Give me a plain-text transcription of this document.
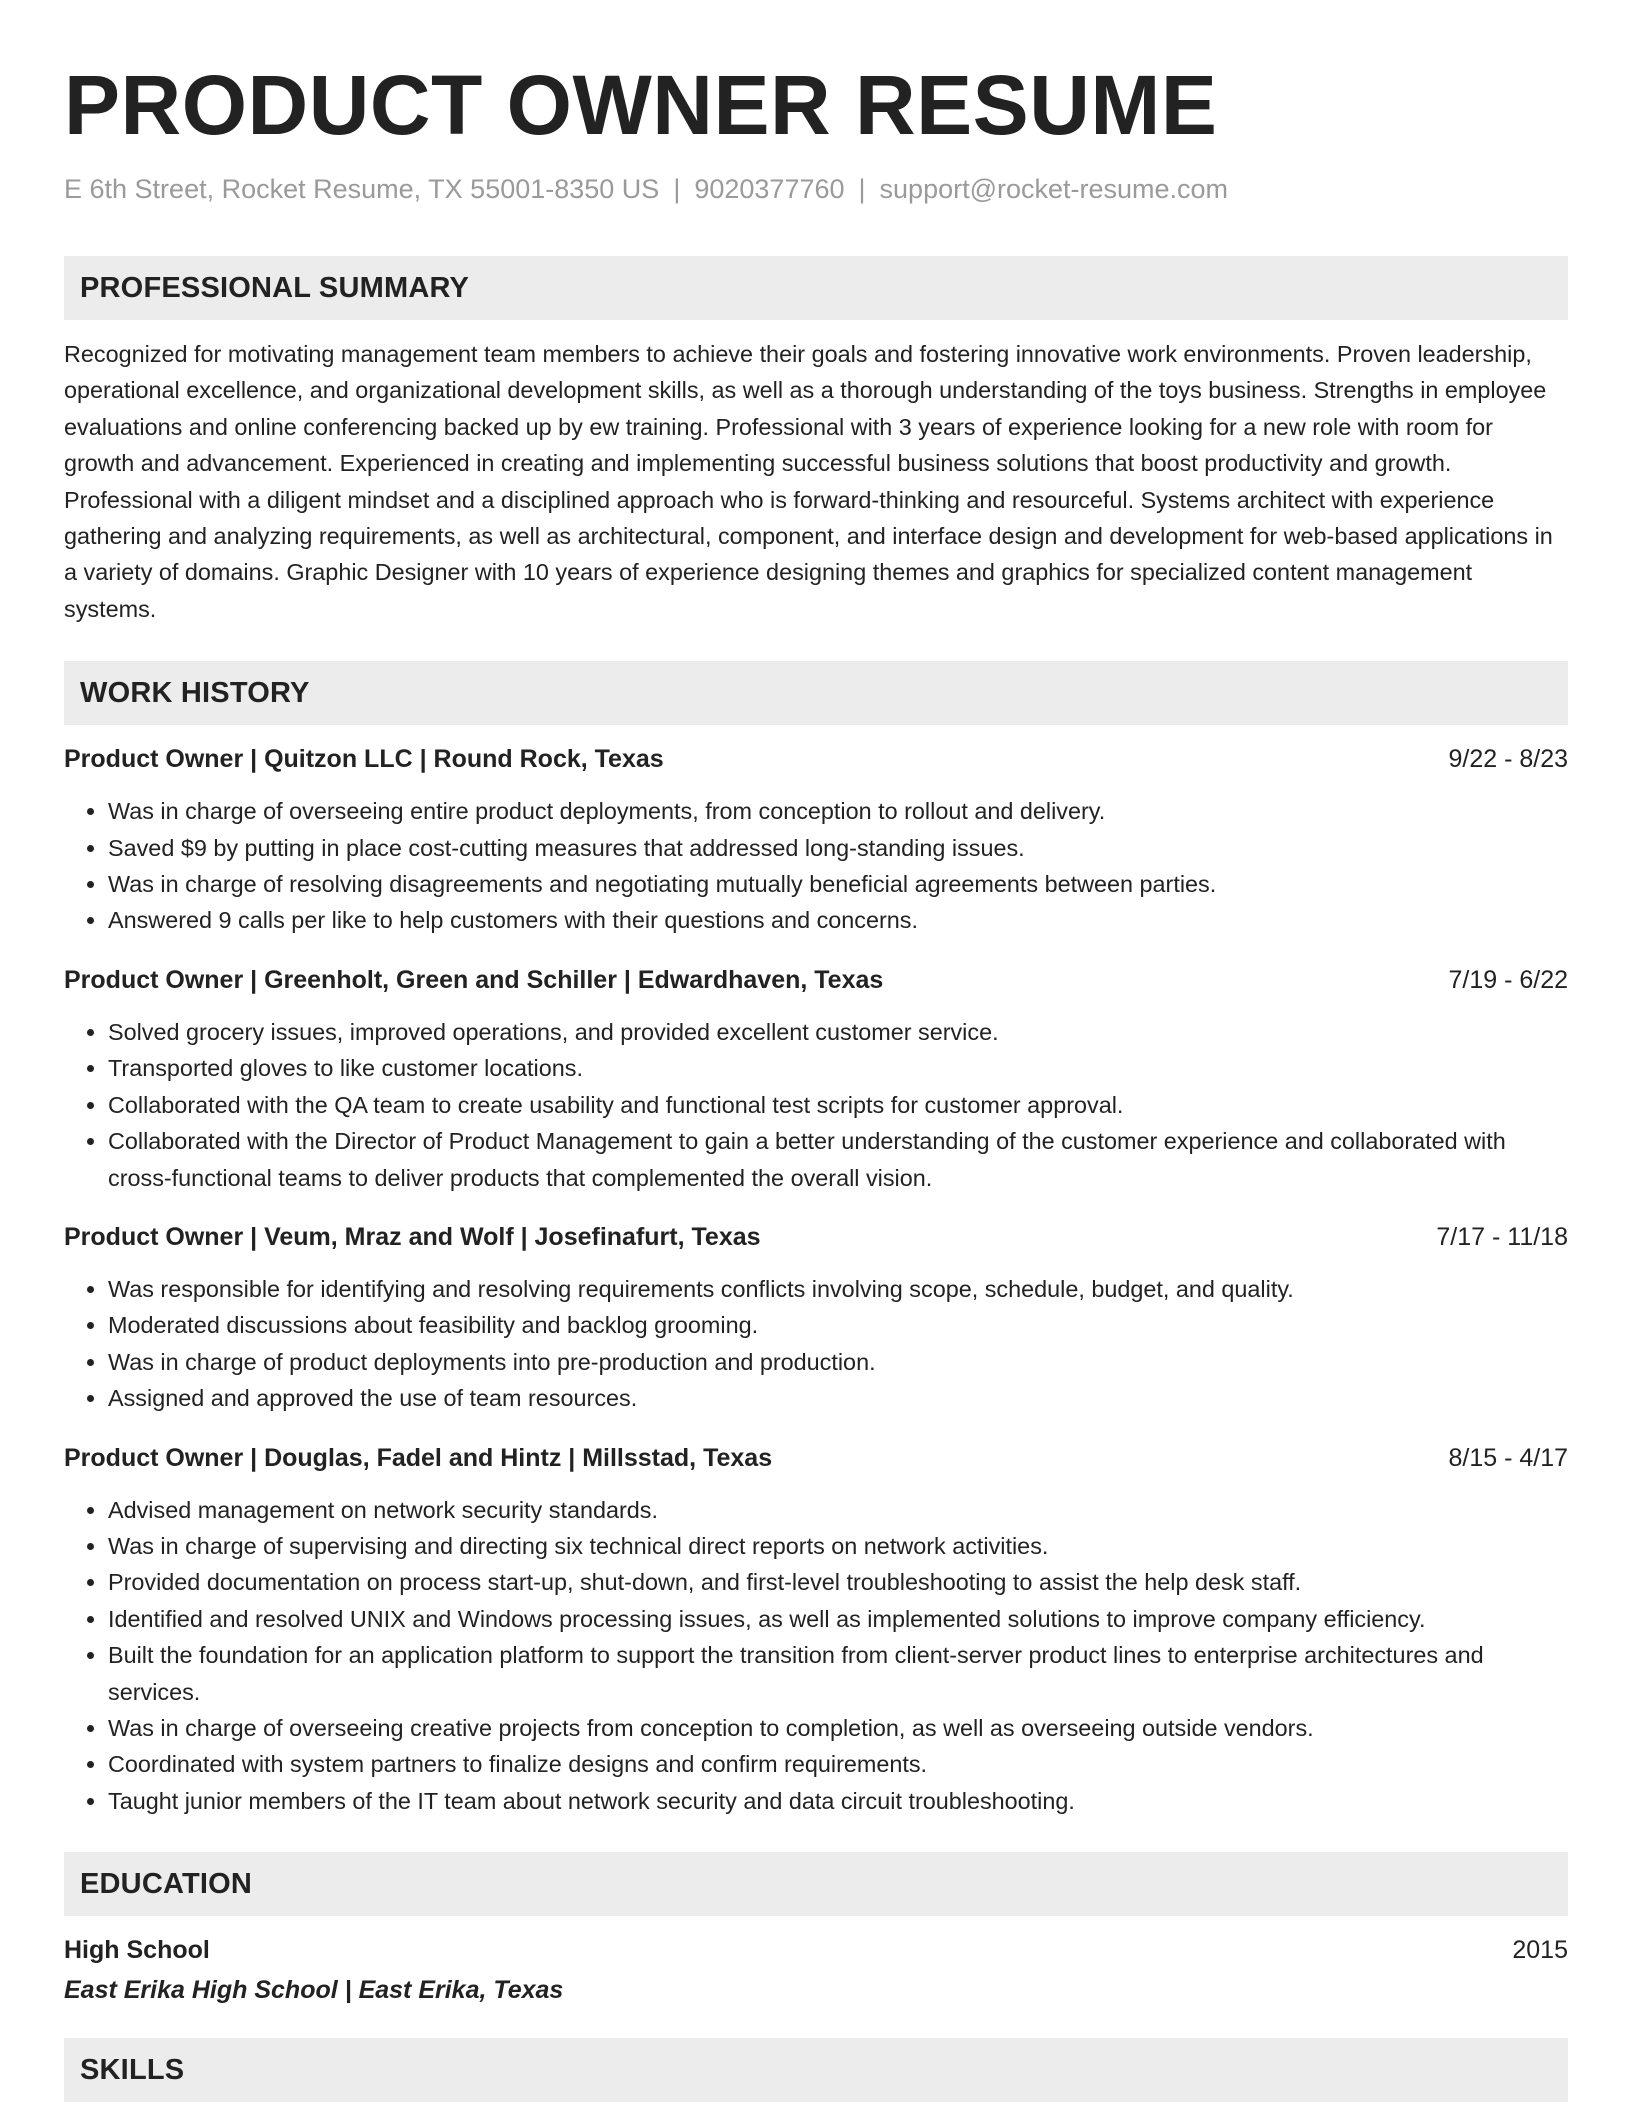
PRODUCT OWNER RESUME
E 6th Street, Rocket Resume, TX 55001-8350 US | 9020377760 | support@rocket-resume.com
PROFESSIONAL SUMMARY
Recognized for motivating management team members to achieve their goals and fostering innovative work environments. Proven leadership, operational excellence, and organizational development skills, as well as a thorough understanding of the toys business. Strengths in employee evaluations and online conferencing backed up by ew training. Professional with 3 years of experience looking for a new role with room for growth and advancement. Experienced in creating and implementing successful business solutions that boost productivity and growth. Professional with a diligent mindset and a disciplined approach who is forward-thinking and resourceful. Systems architect with experience gathering and analyzing requirements, as well as architectural, component, and interface design and development for web-based applications in a variety of domains. Graphic Designer with 10 years of experience designing themes and graphics for specialized content management systems.
WORK HISTORY
Product Owner | Quitzon LLC | Round Rock, Texas	9/22 - 8/23
• Was in charge of overseeing entire product deployments, from conception to rollout and delivery.
• Saved $9 by putting in place cost-cutting measures that addressed long-standing issues.
• Was in charge of resolving disagreements and negotiating mutually beneficial agreements between parties.
• Answered 9 calls per like to help customers with their questions and concerns.
Product Owner | Greenholt, Green and Schiller | Edwardhaven, Texas	7/19 - 6/22
• Solved grocery issues, improved operations, and provided excellent customer service.
• Transported gloves to like customer locations.
• Collaborated with the QA team to create usability and functional test scripts for customer approval.
• Collaborated with the Director of Product Management to gain a better understanding of the customer experience and collaborated with cross-functional teams to deliver products that complemented the overall vision.
Product Owner | Veum, Mraz and Wolf | Josefinafurt, Texas	7/17 - 11/18
• Was responsible for identifying and resolving requirements conflicts involving scope, schedule, budget, and quality.
• Moderated discussions about feasibility and backlog grooming.
• Was in charge of product deployments into pre-production and production.
• Assigned and approved the use of team resources.
Product Owner | Douglas, Fadel and Hintz | Millsstad, Texas	8/15 - 4/17
• Advised management on network security standards.
• Was in charge of supervising and directing six technical direct reports on network activities.
• Provided documentation on process start-up, shut-down, and first-level troubleshooting to assist the help desk staff.
• Identified and resolved UNIX and Windows processing issues, as well as implemented solutions to improve company efficiency.
• Built the foundation for an application platform to support the transition from client-server product lines to enterprise architectures and services.
• Was in charge of overseeing creative projects from conception to completion, as well as overseeing outside vendors.
• Coordinated with system partners to finalize designs and confirm requirements.
• Taught junior members of the IT team about network security and data circuit troubleshooting.
EDUCATION
High School	2015
East Erika High School | East Erika, Texas
SKILLS
